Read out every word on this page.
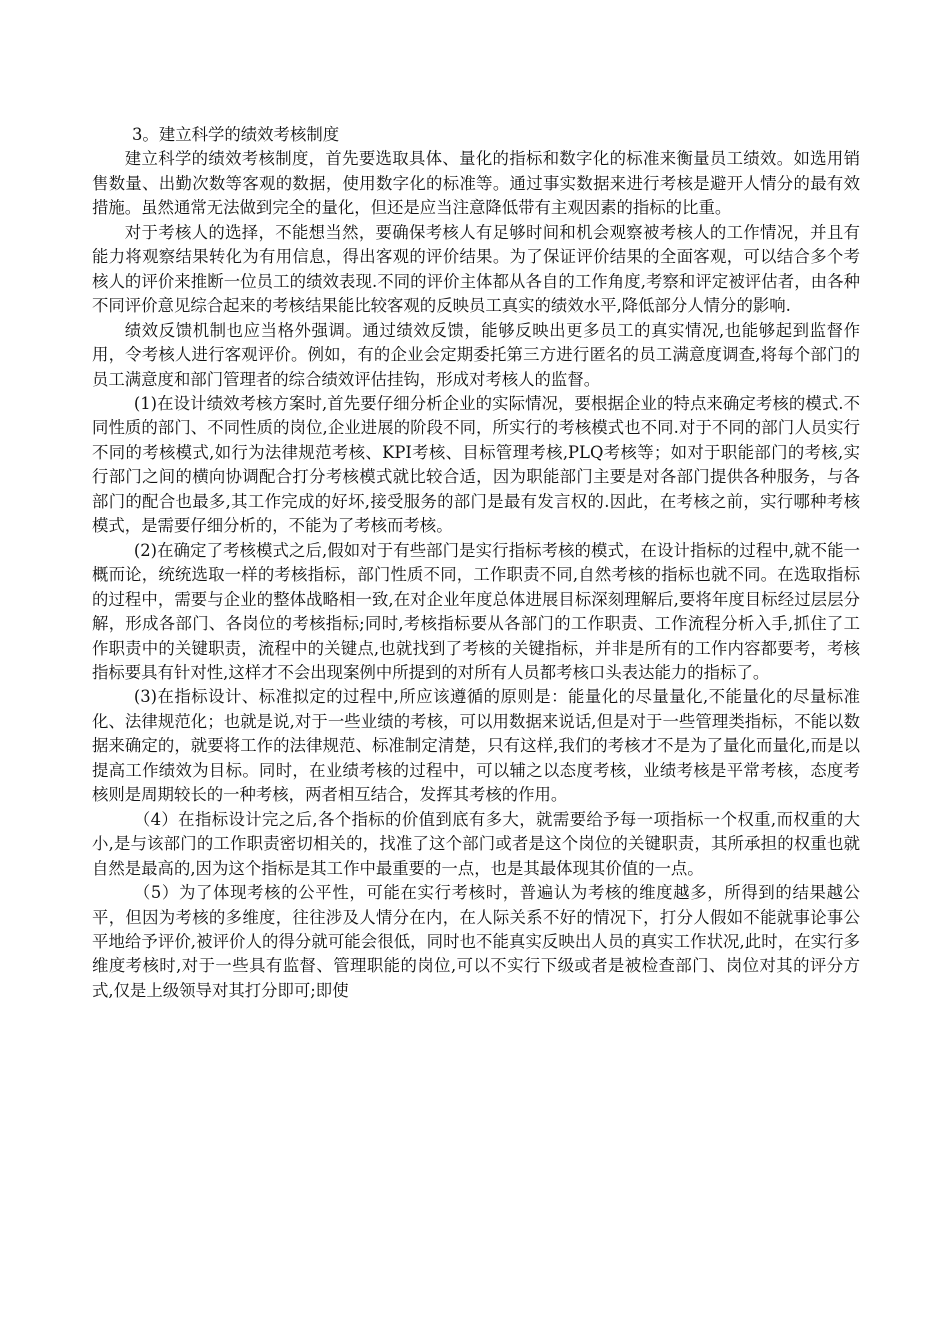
3。建立科学的绩效考核制度

建立科学的绩效考核制度，首先要选取具体、量化的指标和数字化的标准来衡量员工绩效。如选用销售数量、出勤次数等客观的数据，使用数字化的标准等。通过事实数据来进行考核是避开人情分的最有效措施。虽然通常无法做到完全的量化，但还是应当注意降低带有主观因素的指标的比重。

对于考核人的选择，不能想当然，要确保考核人有足够时间和机会观察被考核人的工作情况，并且有能力将观察结果转化为有用信息，得出客观的评价结果。为了保证评价结果的全面客观，可以结合多个考核人的评价来推断一位员工的绩效表现.不同的评价主体都从各自的工作角度,考察和评定被评估者，由各种不同评价意见综合起来的考核结果能比较客观的反映员工真实的绩效水平,降低部分人情分的影响.

绩效反馈机制也应当格外强调。通过绩效反馈，能够反映出更多员工的真实情况,也能够起到监督作用，令考核人进行客观评价。例如，有的企业会定期委托第三方进行匿名的员工满意度调查,将每个部门的员工满意度和部门管理者的综合绩效评估挂钩，形成对考核人的监督。

(1)在设计绩效考核方案时,首先要仔细分析企业的实际情况，要根据企业的特点来确定考核的模式.不同性质的部门、不同性质的岗位,企业进展的阶段不同，所实行的考核模式也不同.对于不同的部门人员实行不同的考核模式,如行为法律规范考核、KPI考核、目标管理考核,PLQ考核等；如对于职能部门的考核,实行部门之间的横向协调配合打分考核模式就比较合适，因为职能部门主要是对各部门提供各种服务，与各部门的配合也最多,其工作完成的好坏,接受服务的部门是最有发言权的.因此，在考核之前，实行哪种考核模式，是需要仔细分析的，不能为了考核而考核。

(2)在确定了考核模式之后,假如对于有些部门是实行指标考核的模式，在设计指标的过程中,就不能一概而论，统统选取一样的考核指标，部门性质不同，工作职责不同,自然考核的指标也就不同。在选取指标的过程中，需要与企业的整体战略相一致,在对企业年度总体进展目标深刻理解后,要将年度目标经过层层分解，形成各部门、各岗位的考核指标;同时,考核指标要从各部门的工作职责、工作流程分析入手,抓住了工作职责中的关键职责，流程中的关键点,也就找到了考核的关键指标，并非是所有的工作内容都要考，考核指标要具有针对性,这样才不会出现案例中所提到的对所有人员都考核口头表达能力的指标了。

(3)在指标设计、标准拟定的过程中,所应该遵循的原则是：能量化的尽量量化,不能量化的尽量标准化、法律规范化；也就是说,对于一些业绩的考核，可以用数据来说话,但是对于一些管理类指标，不能以数据来确定的，就要将工作的法律规范、标准制定清楚，只有这样,我们的考核才不是为了量化而量化,而是以提高工作绩效为目标。同时，在业绩考核的过程中，可以辅之以态度考核，业绩考核是平常考核，态度考核则是周期较长的一种考核，两者相互结合，发挥其考核的作用。

（4）在指标设计完之后,各个指标的价值到底有多大，就需要给予每一项指标一个权重,而权重的大小,是与该部门的工作职责密切相关的，找准了这个部门或者是这个岗位的关键职责，其所承担的权重也就自然是最高的,因为这个指标是其工作中最重要的一点，也是其最体现其价值的一点。

（5）为了体现考核的公平性，可能在实行考核时，普遍认为考核的维度越多，所得到的结果越公平，但因为考核的多维度，往往涉及人情分在内，在人际关系不好的情况下，打分人假如不能就事论事公平地给予评价,被评价人的得分就可能会很低，同时也不能真实反映出人员的真实工作状况,此时，在实行多维度考核时,对于一些具有监督、管理职能的岗位,可以不实行下级或者是被检查部门、岗位对其的评分方式,仅是上级领导对其打分即可;即使
